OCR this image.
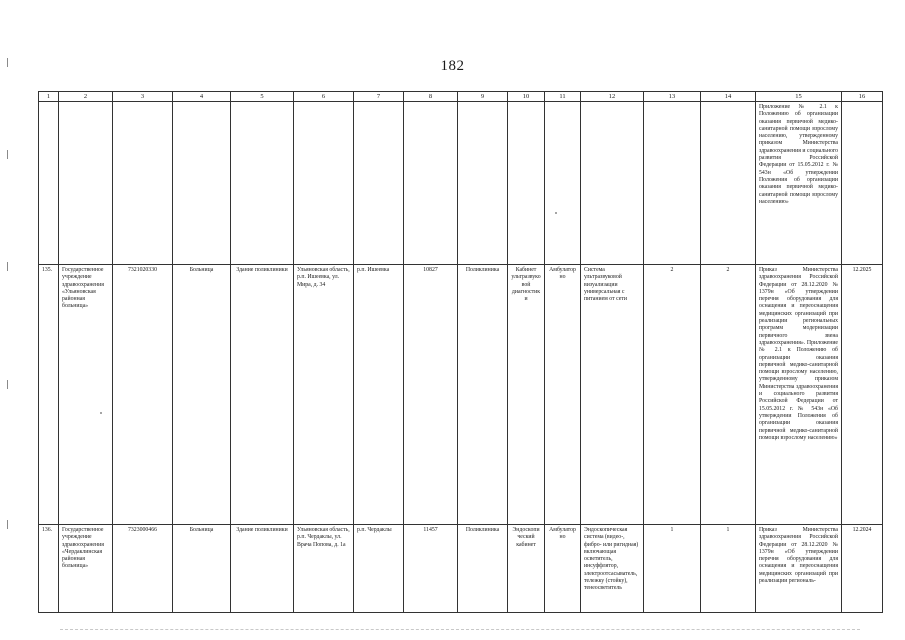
182
1	2	3	4	5	6	7	8	9	10	11	12	13	14	15	16
														Приложение № 2.1 к Положению об организации оказания первичной медико-санитарной помощи взрослому населению, утвержденному приказом Министерства здравоохранения и социального развития Российской Федерации от 15.05.2012 г. № 543н «Об утверждении Положения об организации оказания первичной медико-санитарной помощи взрослому населению»	
135.	Государственное учреждение здравоохранения «Ульяновская районная больница»	7321020330	Больница	Здание поликлиники	Ульяновская область, р.п. Ишеевка, ул. Мира, д. 34	р.п. Ишеевка	10827	Поликлиника	Кабинет ультразвуковой диагностики	Амбулаторно	Система ультразвуковой визуализации универсальная с питанием от сети	2	2	Приказ Министерства здравоохранения Российской Федерации от 28.12.2020 № 1379н «Об утверждении перечня оборудования для оснащения и переоснащения медицинских организаций при реализации региональных программ модернизации первичного звена здравоохранения». Приложение № 2.1 к Положению об организации оказания первичной медико-санитарной помощи взрослому населению, утвержденному приказом Министерства здравоохранения и социального развития Российской Федерации от 15.05.2012 г. № 543н «Об утверждении Положения об организации оказания первичной медико-санитарной помощи взрослому населению»	12.2025
136.	Государственное учреждение здравоохранения «Чердаклинская районная больница»	7323000466	Больница	Здание поликлиники	Ульяновская область, р.п. Чердаклы, ул. Врача Попова, д. 1а	р.п. Чердаклы	11457	Поликлиника	Эндоскопический кабинет	Амбулаторно	Эндоскопическая система (видео-, фибро- или ригидная) включающая осветитель, инсуффлятор, электроотсасыватель, тележку (стойку), тенеосветитель	1	1	Приказ Министерства здравоохранения Российской Федерации от 28.12.2020 № 1379н «Об утверждении перечня оборудования для оснащения и переоснащения медицинских организаций при реализации региональ-	12.2024
